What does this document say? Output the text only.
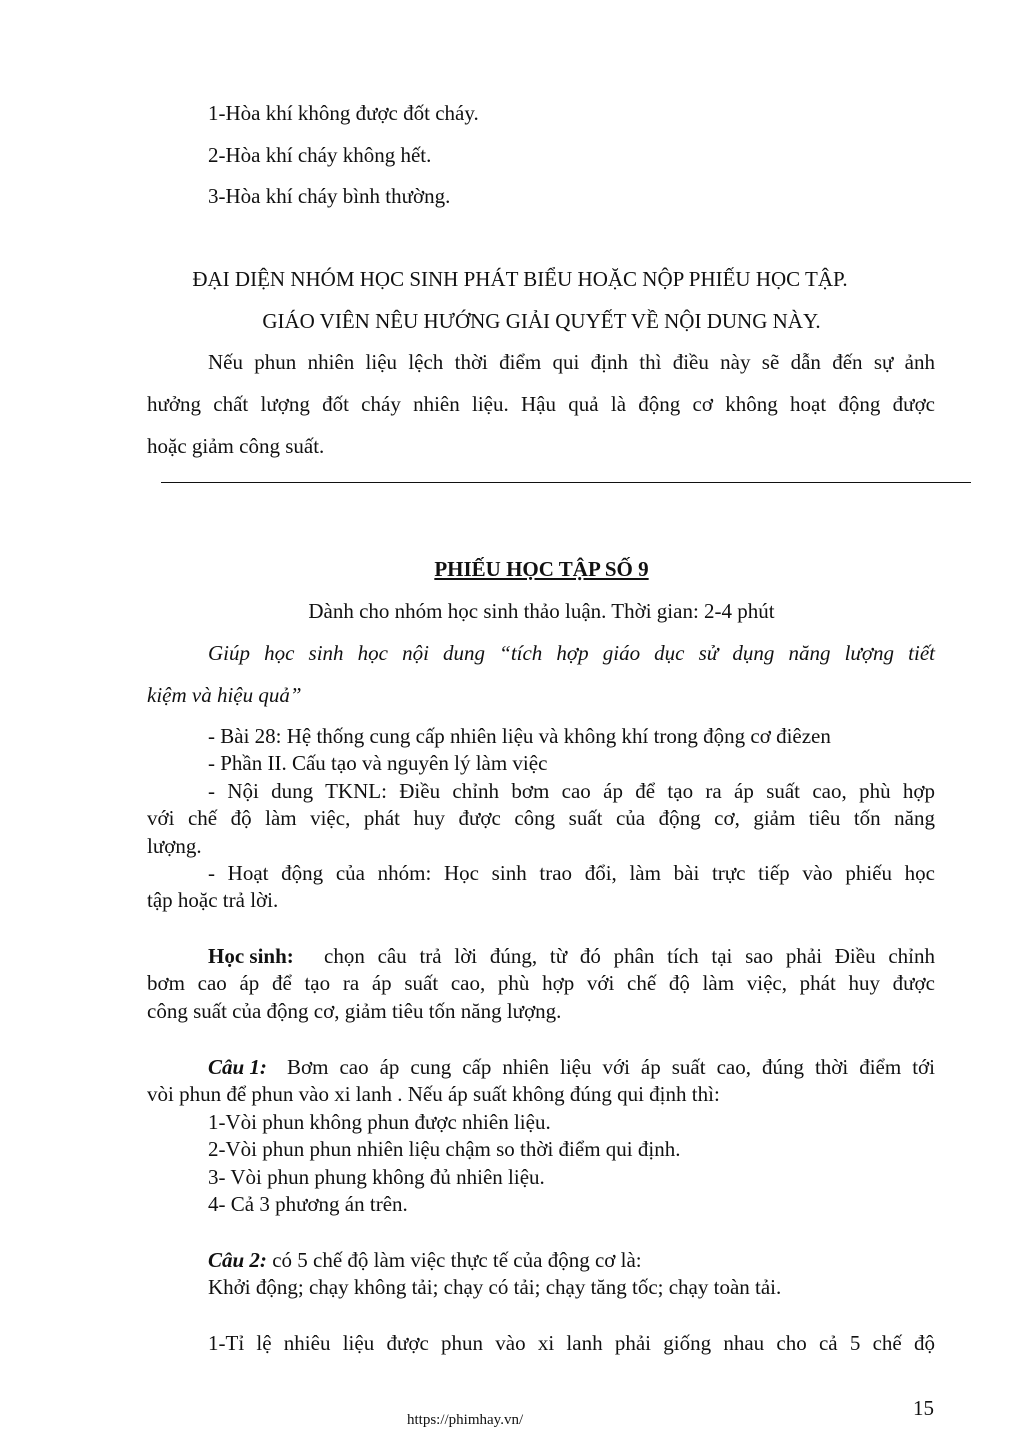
1-Hòa khí không được đốt cháy.
2-Hòa khí cháy không hết.
3-Hòa khí cháy bình thường.
ĐẠI DIỆN NHÓM HỌC SINH PHÁT BIỂU HOẶC NỘP PHIẾU HỌC TẬP.
GIÁO VIÊN NÊU HƯỚNG GIẢI QUYẾT VỀ NỘI DUNG NÀY.
Nếu phun nhiên liệu lệch thời điểm qui định thì điều này sẽ dẫn đến sự ảnh
hưởng chất lượng đốt cháy nhiên liệu. Hậu quả là động cơ không hoạt động được
hoặc giảm công suất.
PHIẾU HỌC TẬP SỐ 9
Dành cho nhóm học sinh thảo luận. Thời gian: 2-4 phút
Giúp học sinh học nội dung “tích hợp giáo dục sử dụng năng lượng tiết
kiệm và hiệu quả”
- Bài 28: Hệ thống cung cấp nhiên liệu và không khí trong động cơ điêzen
- Phần II. Cấu tạo và nguyên lý làm việc
- Nội dung TKNL: Điều chỉnh bơm cao áp để tạo ra áp suất cao, phù hợp
với chế độ làm việc, phát huy được công suất của động cơ, giảm tiêu tốn năng
lượng.
- Hoạt động của nhóm: Học sinh trao đổi, làm bài trực tiếp vào phiếu học
tập hoặc trả lời.
Học sinh: chọn câu trả lời đúng, từ đó phân tích tại sao phải Điều chỉnh
bơm cao áp để tạo ra áp suất cao, phù hợp với chế độ làm việc, phát huy được
công suất của động cơ, giảm tiêu tốn năng lượng.
Câu 1: Bơm cao áp cung cấp nhiên liệu với áp suất cao, đúng thời điểm tới
vòi phun để phun vào xi lanh . Nếu áp suất không đúng qui định thì:
1-Vòi phun không phun được nhiên liệu.
2-Vòi phun phun nhiên liệu chậm so thời điểm qui định.
3- Vòi phun phung không đủ nhiên liệu.
4- Cả 3 phương án trên.
Câu 2: có 5 chế độ làm việc thực tế của động cơ là:
Khởi động; chạy không tải; chạy có tải; chạy tăng tốc; chạy toàn tải.
1-Tỉ lệ nhiêu liệu được phun vào xi lanh phải giống nhau cho cả 5 chế độ
15
https://phimhay.vn/
